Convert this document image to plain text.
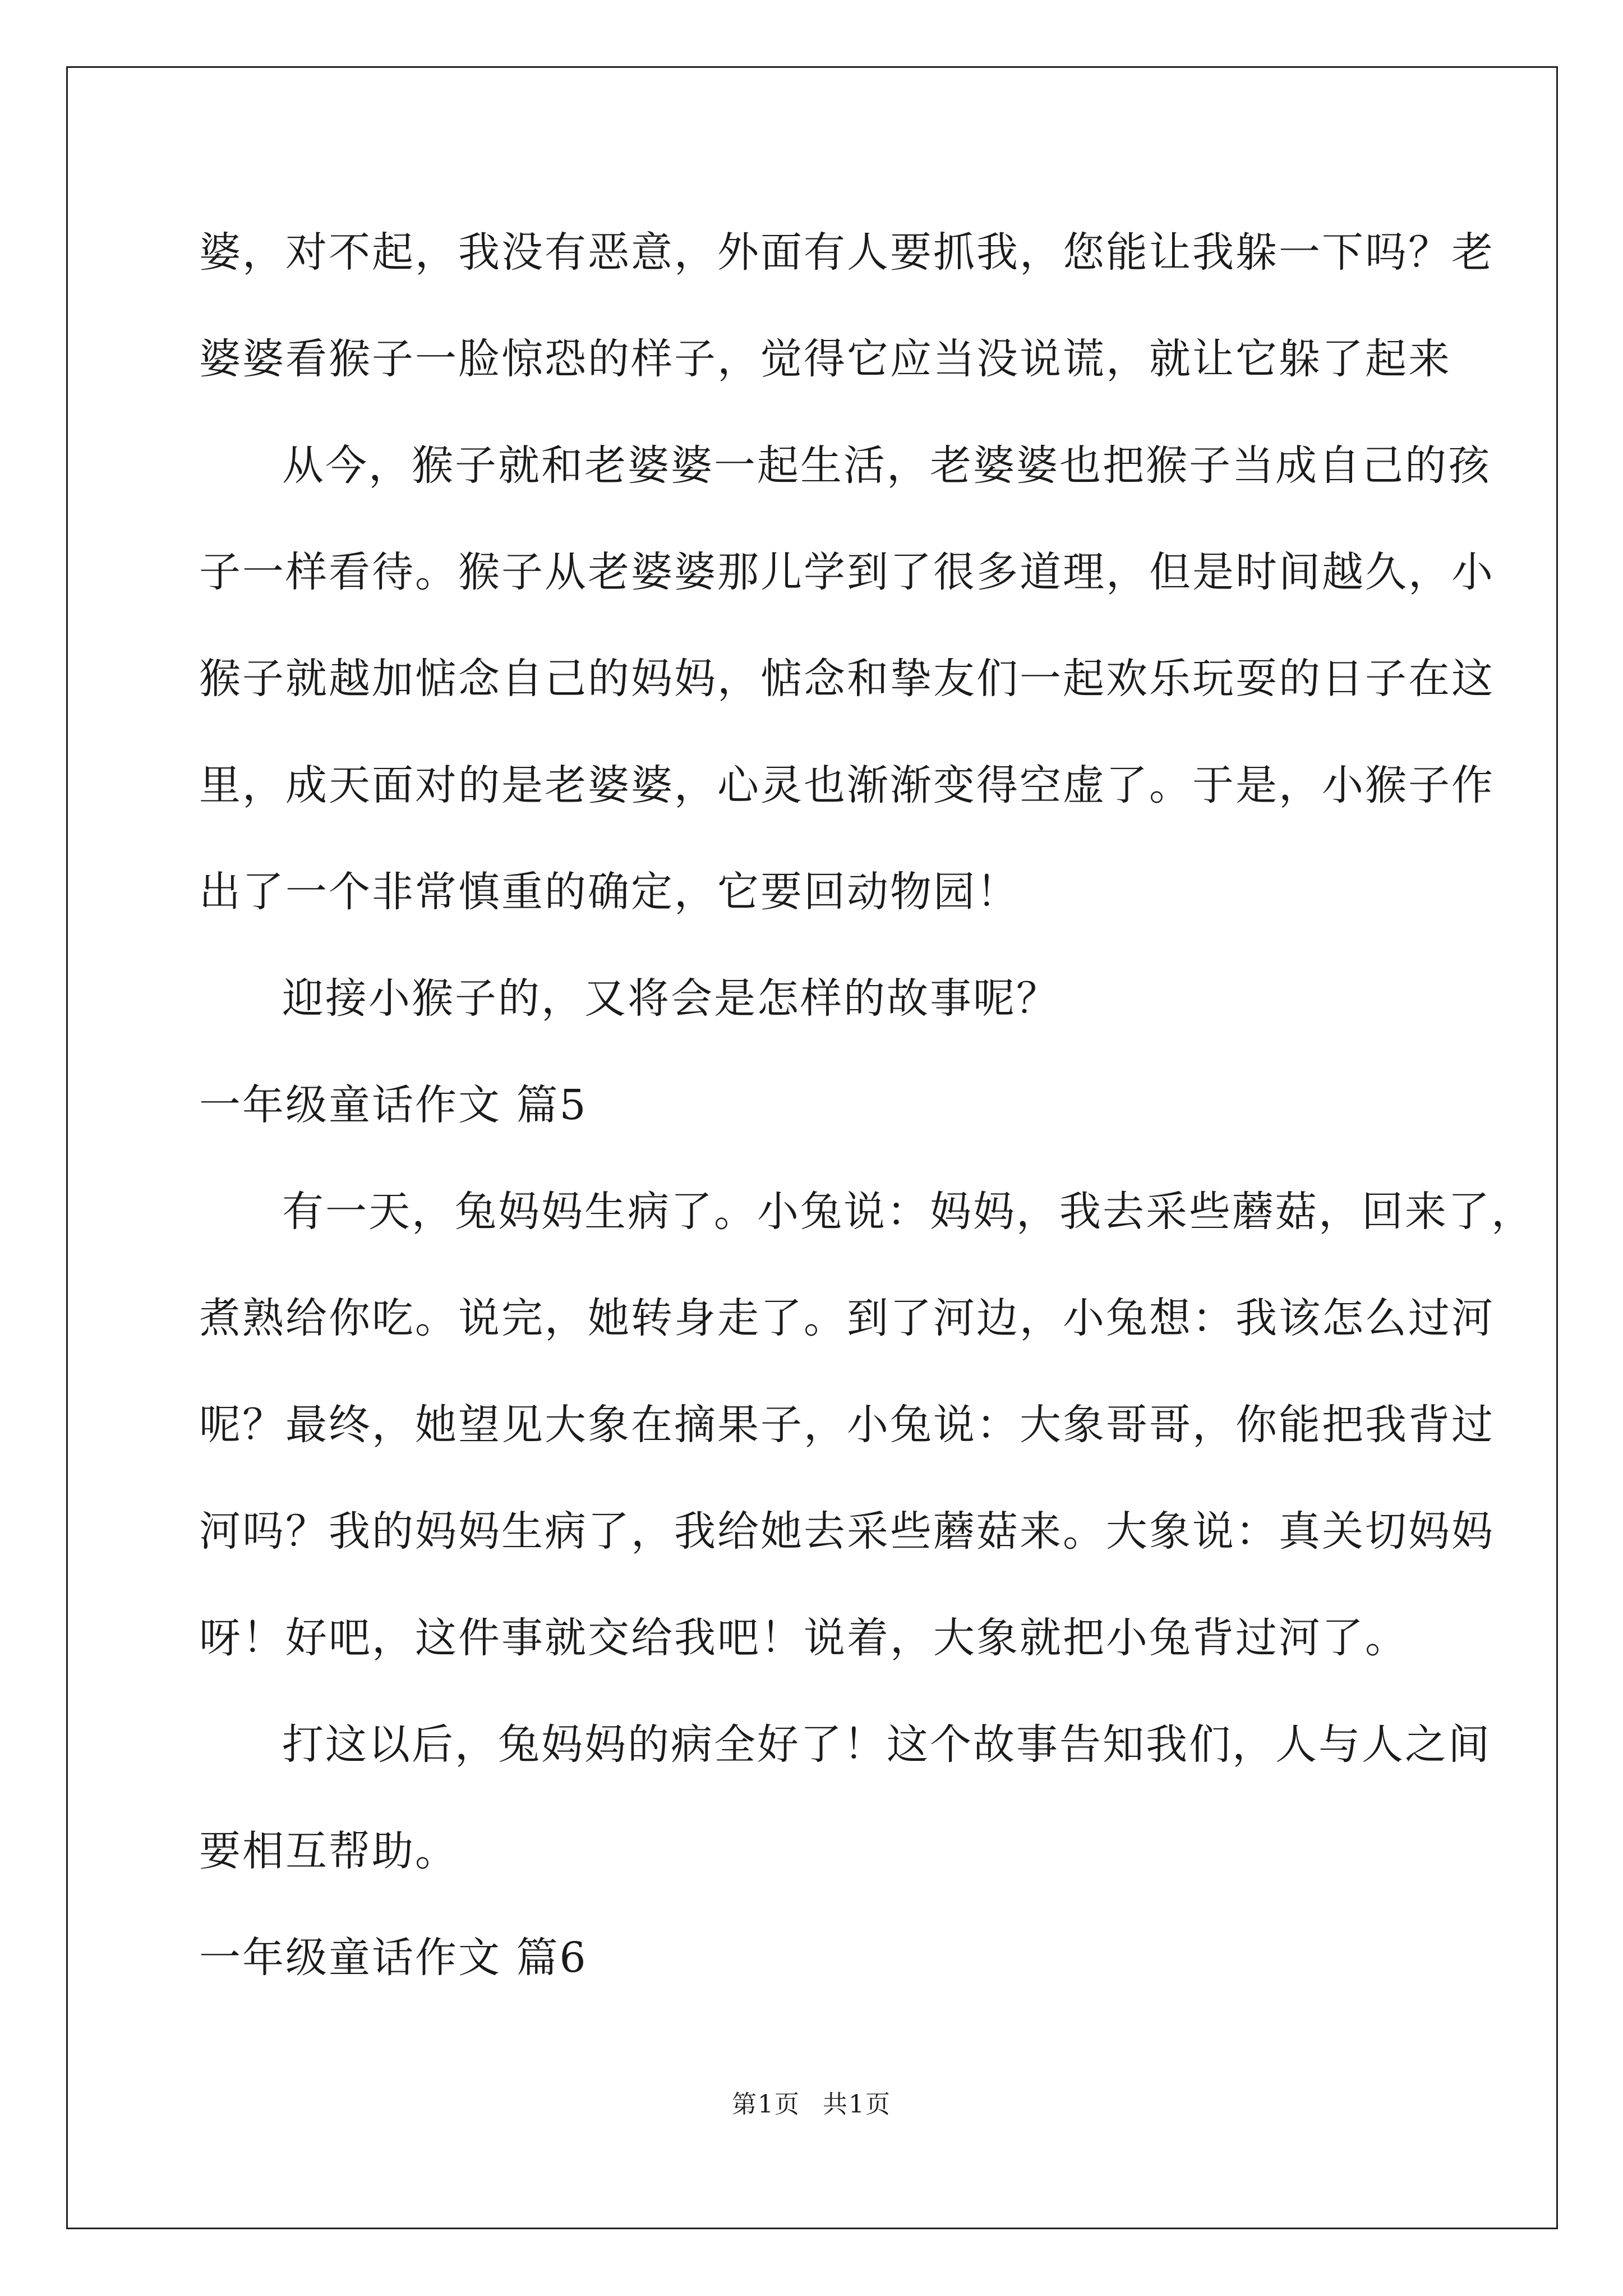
婆，对不起，我没有恶意，外面有人要抓我，您能让我躲一下吗？老
婆婆看猴子一脸惊恐的样子，觉得它应当没说谎，就让它躲了起来
从今，猴子就和老婆婆一起生活，老婆婆也把猴子当成自己的孩
子一样看待。猴子从老婆婆那儿学到了很多道理，但是时间越久，小
猴子就越加惦念自己的妈妈，惦念和挚友们一起欢乐玩耍的日子在这
里，成天面对的是老婆婆，心灵也渐渐变得空虚了。于是，小猴子作
出了一个非常慎重的确定，它要回动物园！
迎接小猴子的，又将会是怎样的故事呢？
一年级童话作文 篇5
有一天，兔妈妈生病了。小兔说：妈妈，我去采些蘑菇，回来了，
煮熟给你吃。说完，她转身走了。到了河边，小兔想：我该怎么过河
呢？最终，她望见大象在摘果子，小兔说：大象哥哥，你能把我背过
河吗？我的妈妈生病了，我给她去采些蘑菇来。大象说：真关切妈妈
呀！好吧，这件事就交给我吧！说着，大象就把小兔背过河了。
打这以后，兔妈妈的病全好了！这个故事告知我们，人与人之间
要相互帮助。
一年级童话作文 篇6
第1页 共1页
